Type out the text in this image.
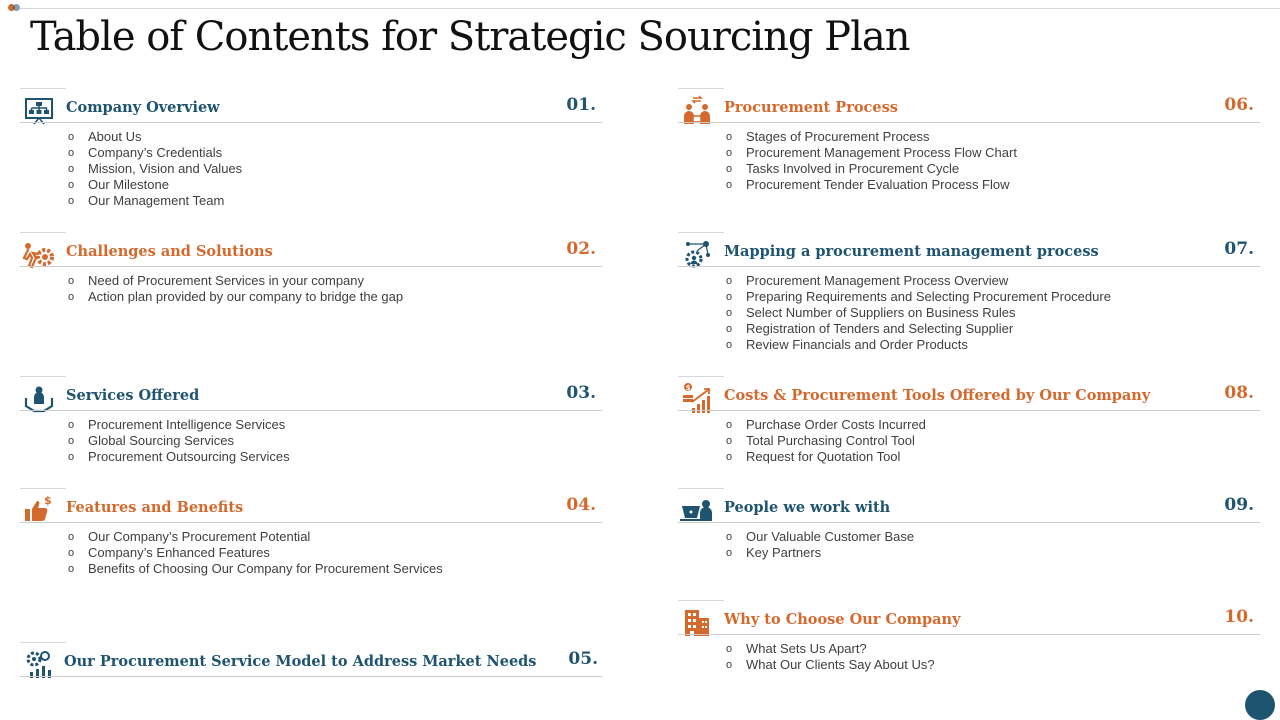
Table of Contents for Strategic Sourcing Plan
Company Overview	01.
o About Us
o Company’s Credentials
o Mission, Vision and Values
o Our Milestone
o Our Management Team
Challenges and Solutions	02.
o Need of Procurement Services in your company
o Action plan provided by our company to bridge the gap
Services Offered	03.
o Procurement Intelligence Services
o Global Sourcing Services
o Procurement Outsourcing Services
$ Features and Benefits	04.
o Our Company’s Procurement Potential
o Company’s Enhanced Features
o Benefits of Choosing Our Company for Procurement Services
Our Procurement Service Model to Address Market Needs 05.
Procurement Process	06.
o Stages of Procurement Process
o Procurement Management Process Flow Chart
o Tasks Involved in Procurement Cycle
o Procurement Tender Evaluation Process Flow
Mapping a procurement management process	07.
o Procurement Management Process Overview
o Preparing Requirements and Selecting Procurement Procedure
o Select Number of Suppliers on Business Rules
o Registration of Tenders and Selecting Supplier
o Review Financials and Order Products
$ Costs & Procurement Tools Offered by Our Company	08.
o Purchase Order Costs Incurred
o Total Purchasing Control Tool
o Request for Quotation Tool
People we work with	09.
o Our Valuable Customer Base
o Key Partners
Why to Choose Our Company	10.
o What Sets Us Apart?
o What Our Clients Say About Us?
